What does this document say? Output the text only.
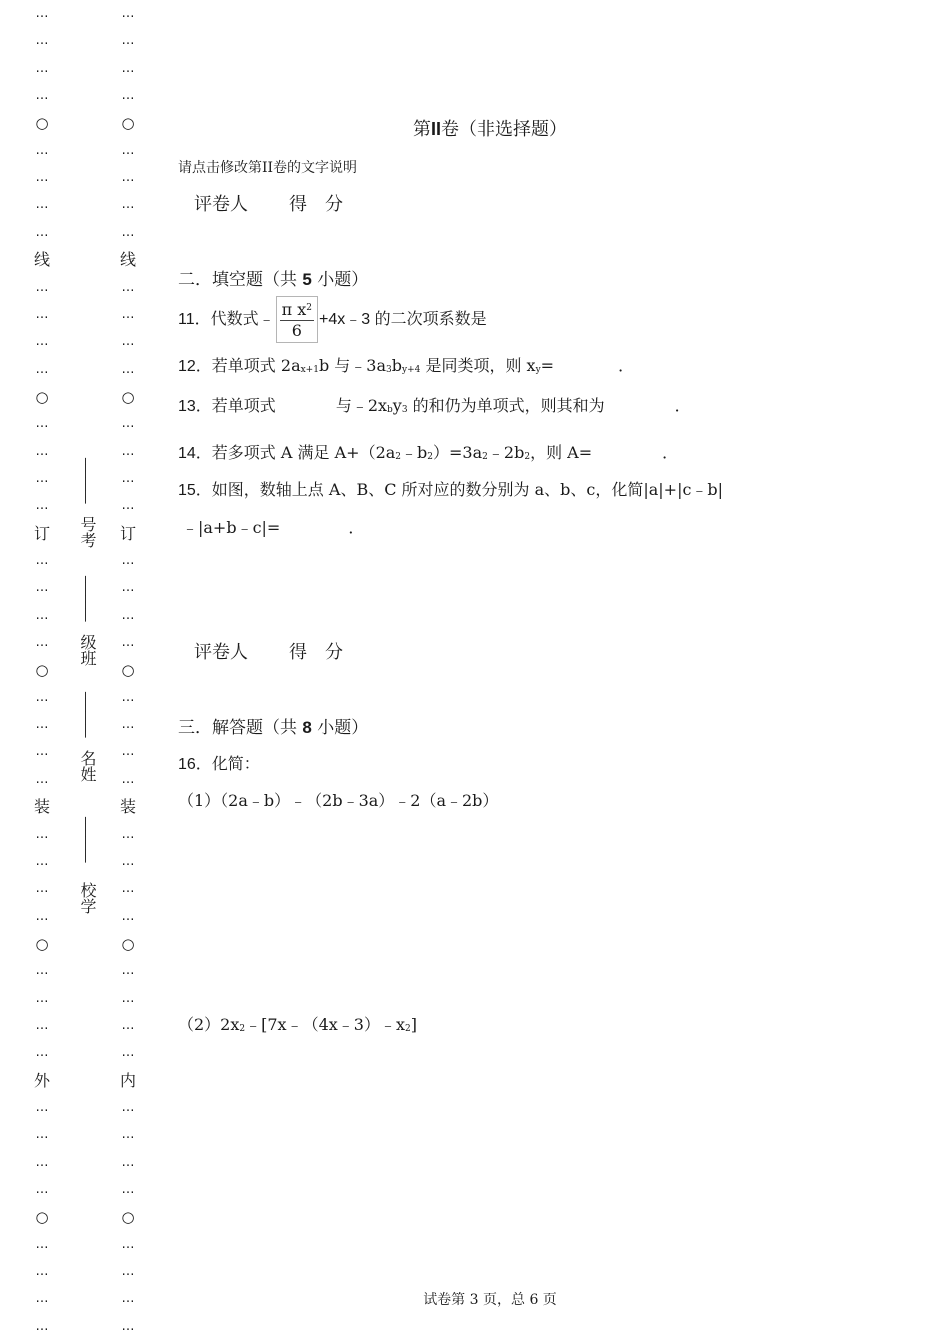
…
…
…
…
○
…
…
…
…
线
…
…
…
…
○
…
…
…
…
订
…
…
…
…
○
…
…
…
…
装
…
…
…
…
○
…
…
…
…
外
…
…
…
…
○
…
…
…
…
…
…
…
…
○
…
…
…
…
线
…
…
…
…
○
…
…
…
…
订
…
…
…
…
○
…
…
…
…
装
…
…
…
…
○
…
…
…
…
内
…
…
…
…
○
…
…
…
…
_______
号考
_______
级班
_______
名姓
_______
校学
第II卷（非选择题）
请点击修改第II卷的文字说明
评卷人 得　分
二．填空题（共 5 小题）
11．代数式﹣ $\frac{\pi x^2}{6}$ +4x﹣3 的二次项系数是
12．若单项式 2ax+1b 与﹣3a3by+4 是同类项，则 xy=	．
13．若单项式	与﹣2xby3 的和仍为单项式，则其和为	．
14．若多项式 A 满足 A+（2a2﹣b2）=3a2﹣2b2，则 A=	．
15．如图，数轴上点 A、B、C 所对应的数分别为 a、b、c，化简|a|+|c﹣b|
﹣|a+b﹣c|=	．
评卷人 得　分
三．解答题（共 8 小题）
16．化简：
（1）（2a﹣b）﹣（2b﹣3a）﹣2（a﹣2b）
（2）2x2﹣[7x﹣（4x﹣3）﹣x2]
试卷第 3 页，总 6 页
